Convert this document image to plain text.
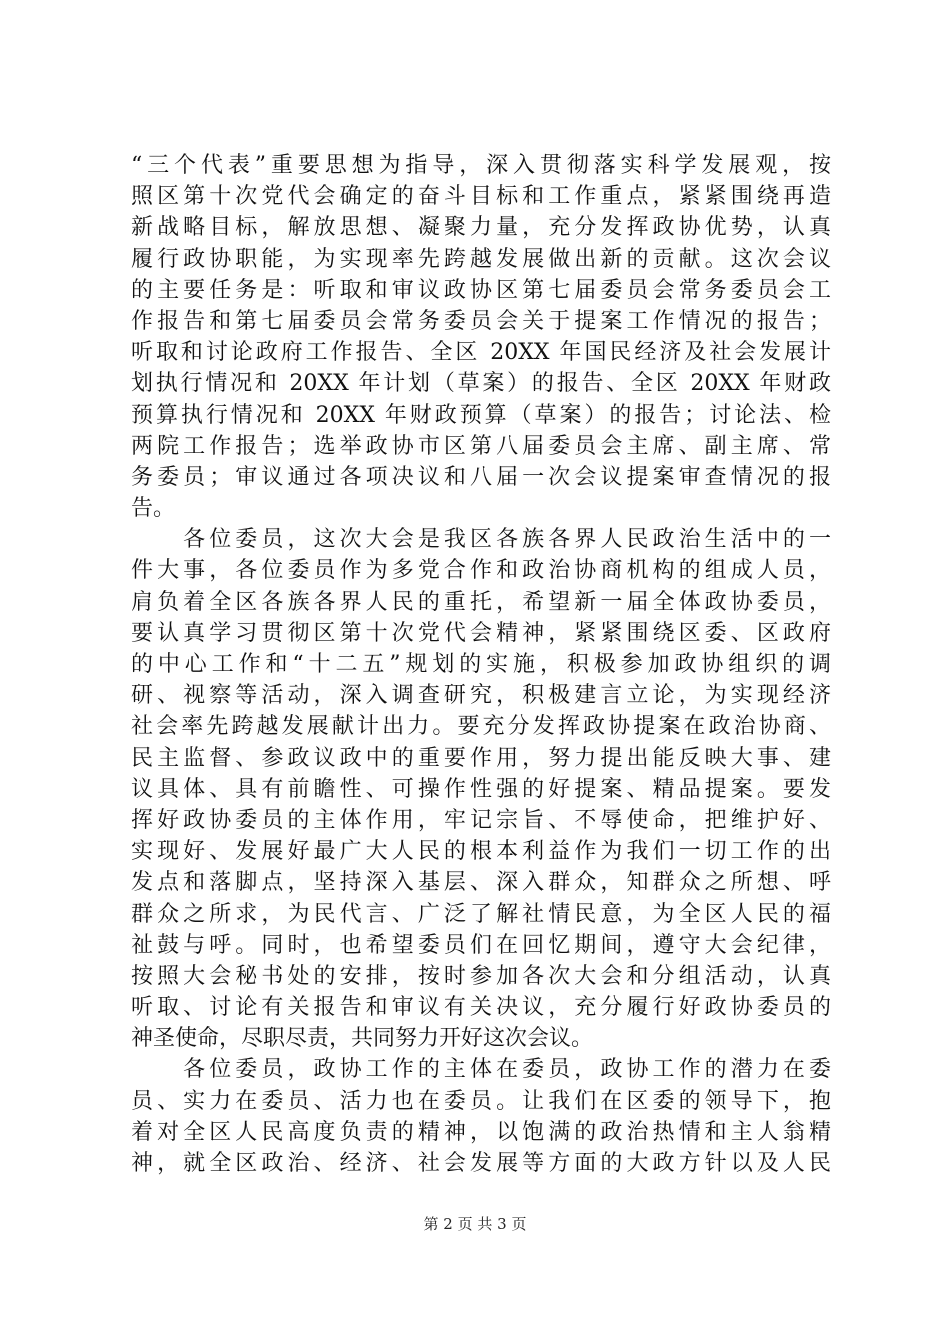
“三个代表”重要思想为指导，深入贯彻落实科学发展观，按
照区第十次党代会确定的奋斗目标和工作重点，紧紧围绕再造
新战略目标，解放思想、凝聚力量，充分发挥政协优势，认真
履行政协职能，为实现率先跨越发展做出新的贡献。这次会议
的主要任务是：听取和审议政协区第七届委员会常务委员会工
作报告和第七届委员会常务委员会关于提案工作情况的报告；
听取和讨论政府工作报告、全区 20XX 年国民经济及社会发展计
划执行情况和 20XX 年计划（草案）的报告、全区 20XX 年财政
预算执行情况和 20XX 年财政预算（草案）的报告；讨论法、检
两院工作报告；选举政协市区第八届委员会主席、副主席、常
务委员；审议通过各项决议和八届一次会议提案审查情况的报
告。
　　各位委员，这次大会是我区各族各界人民政治生活中的一
件大事，各位委员作为多党合作和政治协商机构的组成人员，
肩负着全区各族各界人民的重托，希望新一届全体政协委员，
要认真学习贯彻区第十次党代会精神，紧紧围绕区委、区政府
的中心工作和“十二五”规划的实施，积极参加政协组织的调
研、视察等活动，深入调查研究，积极建言立论，为实现经济
社会率先跨越发展献计出力。要充分发挥政协提案在政治协商、
民主监督、参政议政中的重要作用，努力提出能反映大事、建
议具体、具有前瞻性、可操作性强的好提案、精品提案。要发
挥好政协委员的主体作用，牢记宗旨、不辱使命，把维护好、
实现好、发展好最广大人民的根本利益作为我们一切工作的出
发点和落脚点，坚持深入基层、深入群众，知群众之所想、呼
群众之所求，为民代言、广泛了解社情民意，为全区人民的福
祉鼓与呼。同时，也希望委员们在回忆期间，遵守大会纪律，
按照大会秘书处的安排，按时参加各次大会和分组活动，认真
听取、讨论有关报告和审议有关决议，充分履行好政协委员的
神圣使命，尽职尽责，共同努力开好这次会议。
　　各位委员，政协工作的主体在委员，政协工作的潜力在委
员、实力在委员、活力也在委员。让我们在区委的领导下，抱
着对全区人民高度负责的精神，以饱满的政治热情和主人翁精
神，就全区政治、经济、社会发展等方面的大政方针以及人民
第 2 页 共 3 页
